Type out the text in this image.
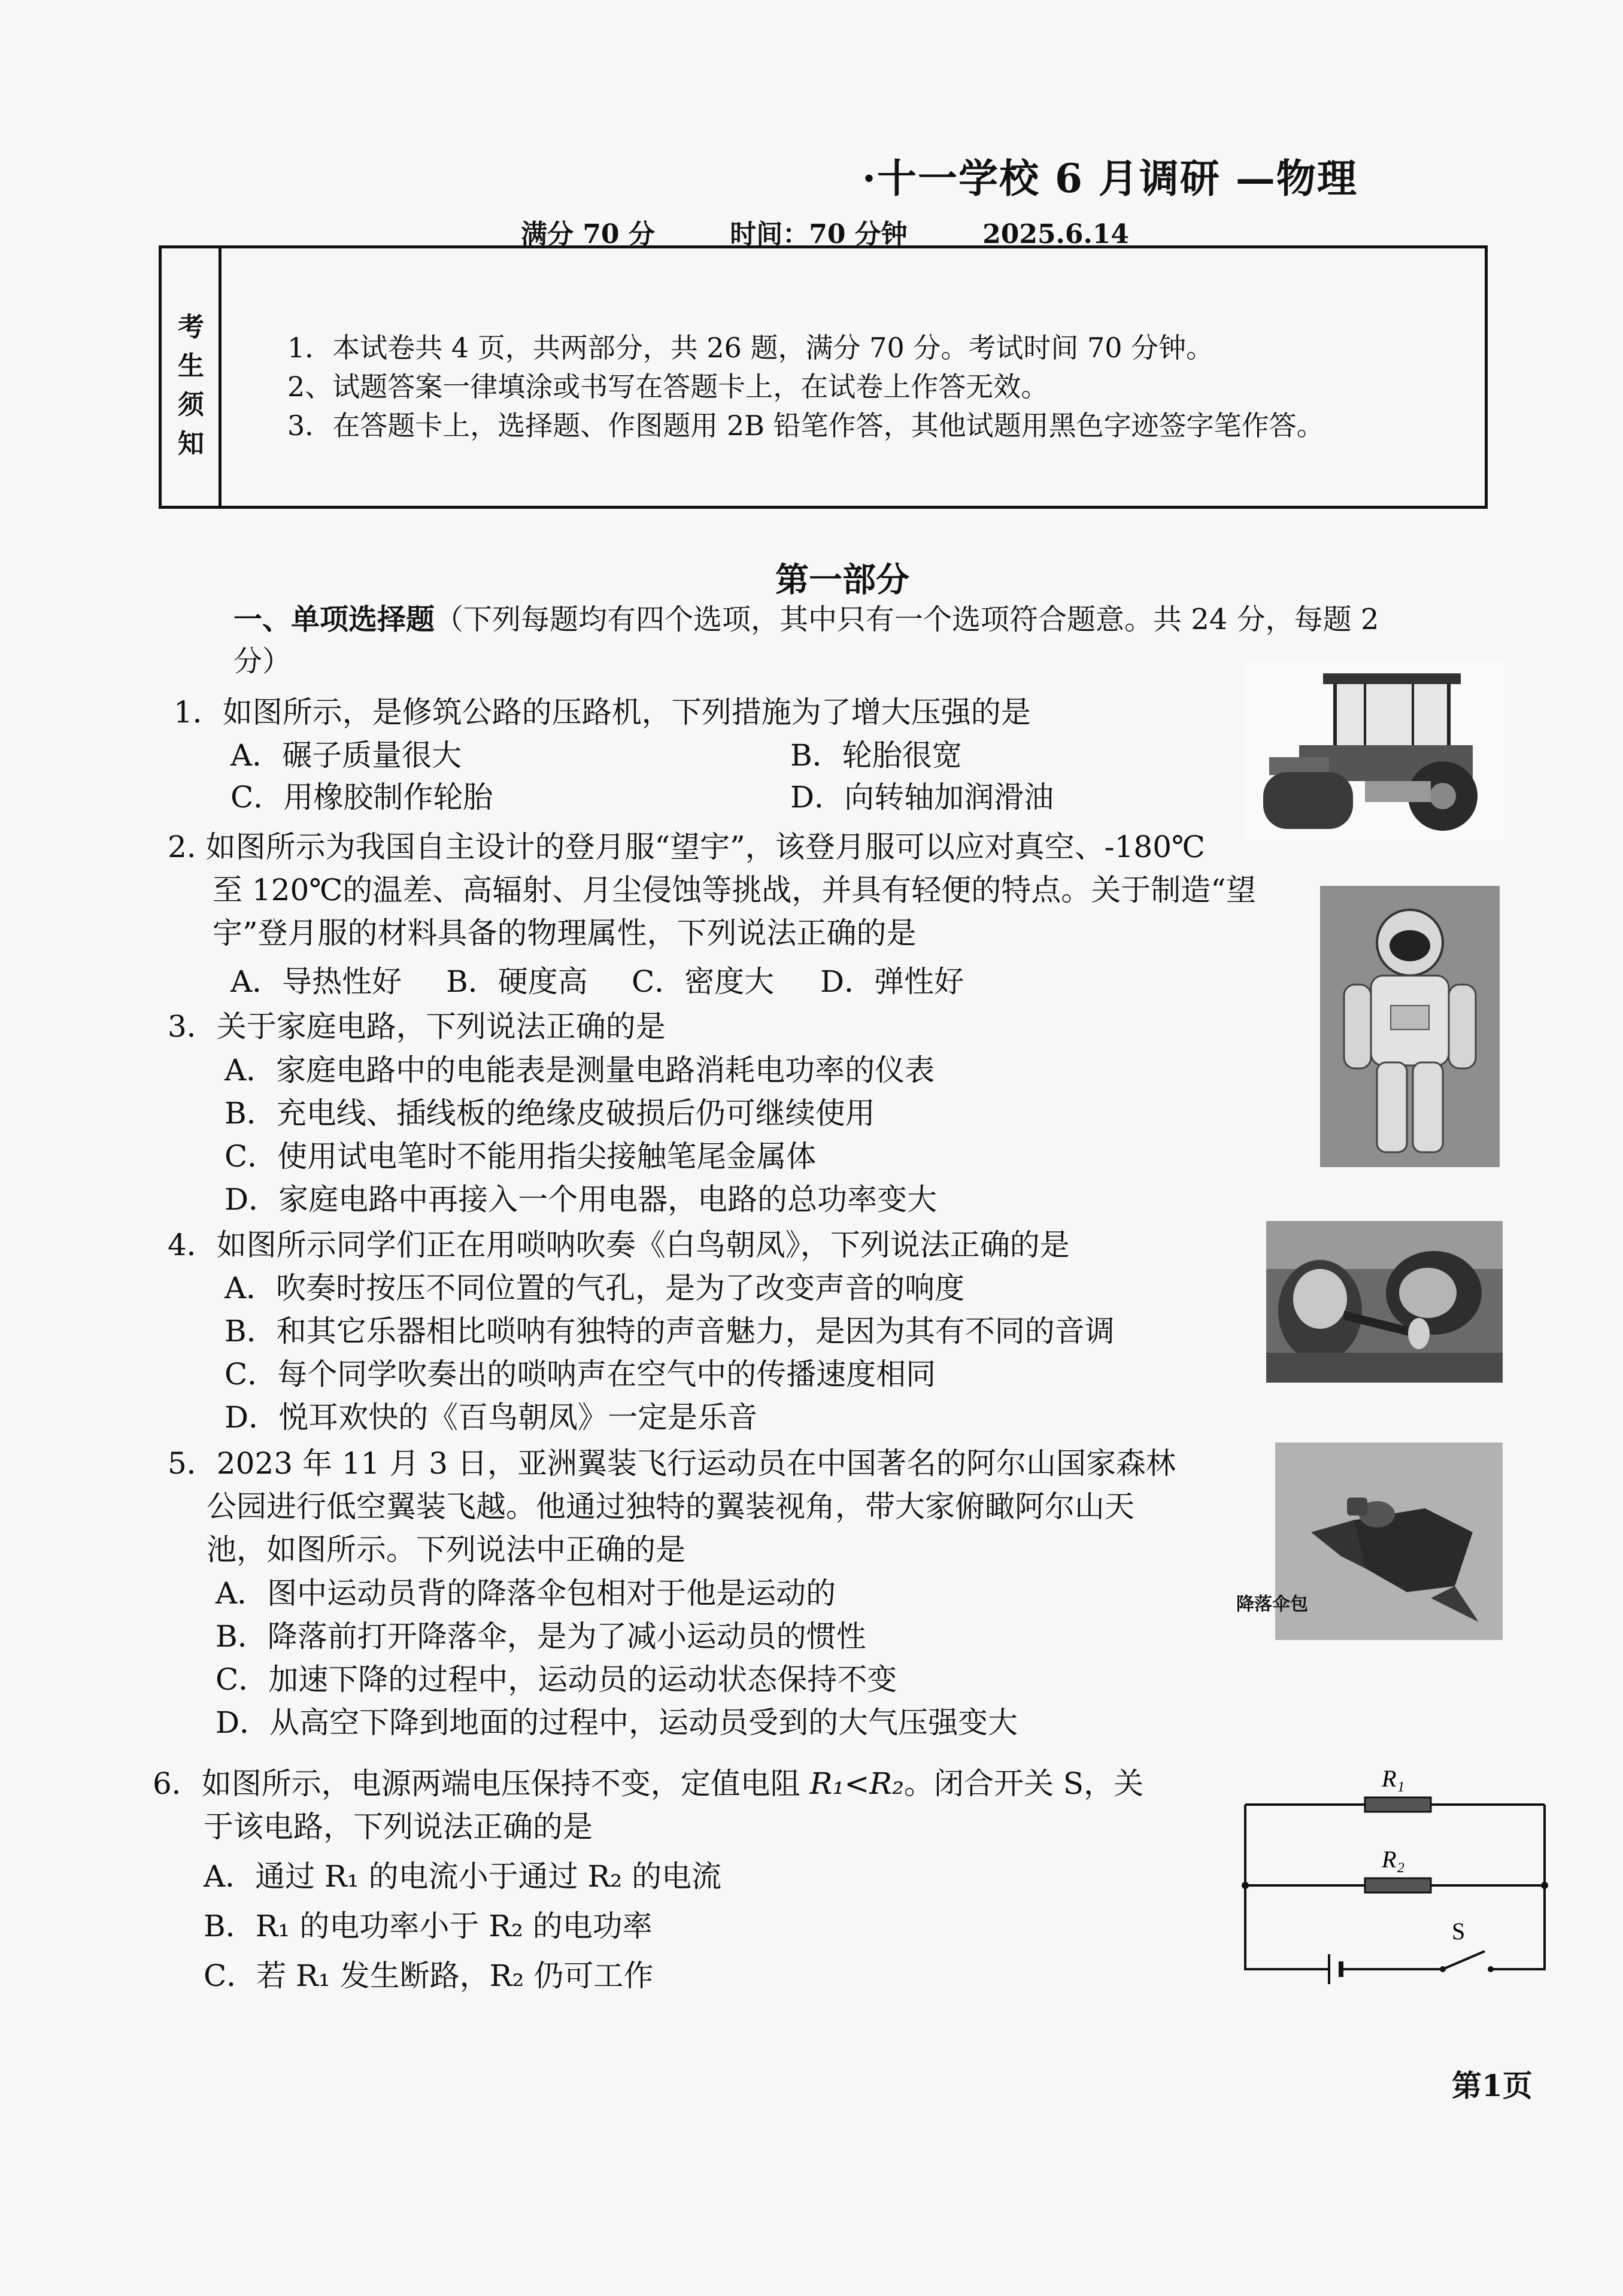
·十一学校 6 月调研 —物理
满分 70 分	时间：70 分钟	2025.6.14
考
生
须
知
1．本试卷共 4 页，共两部分，共 26 题，满分 70 分。考试时间 70 分钟。
2、试题答案一律填涂或书写在答题卡上，在试卷上作答无效。
3．在答题卡上，选择题、作图题用 2B 铅笔作答，其他试题用黑色字迹签字笔作答。
第一部分
一、单项选择题（下列每题均有四个选项，其中只有一个选项符合题意。共 24 分，每题 2
分）
1．如图所示，是修筑公路的压路机，下列措施为了增大压强的是
A．碾子质量很大	B．轮胎很宽
C．用橡胶制作轮胎	D．向转轴加润滑油
2. 如图所示为我国自主设计的登月服“望宇”，该登月服可以应对真空、-180℃
至 120℃的温差、高辐射、月尘侵蚀等挑战，并具有轻便的特点。关于制造“望
宇”登月服的材料具备的物理属性，下列说法正确的是
A．导热性好 B．硬度高 C．密度大 D．弹性好
3．关于家庭电路，下列说法正确的是
A．家庭电路中的电能表是测量电路消耗电功率的仪表
B．充电线、插线板的绝缘皮破损后仍可继续使用
C．使用试电笔时不能用指尖接触笔尾金属体
D．家庭电路中再接入一个用电器，电路的总功率变大
4．如图所示同学们正在用唢呐吹奏《白鸟朝凤》，下列说法正确的是
A．吹奏时按压不同位置的气孔，是为了改变声音的响度
B．和其它乐器相比唢呐有独特的声音魅力，是因为其有不同的音调
C．每个同学吹奏出的唢呐声在空气中的传播速度相同
D．悦耳欢快的《百鸟朝凤》一定是乐音
5．2023 年 11 月 3 日，亚洲翼装飞行运动员在中国著名的阿尔山国家森林
公园进行低空翼装飞越。他通过独特的翼装视角，带大家俯瞰阿尔山天
池，如图所示。下列说法中正确的是
A．图中运动员背的降落伞包相对于他是运动的
B．降落前打开降落伞，是为了减小运动员的惯性
C．加速下降的过程中，运动员的运动状态保持不变
D．从高空下降到地面的过程中，运动员受到的大气压强变大
降落伞包
6．如图所示，电源两端电压保持不变，定值电阻 R₁<R₂。闭合开关 S，关
于该电路，下列说法正确的是
A．通过 R₁ 的电流小于通过 R₂ 的电流
B．R₁ 的电功率小于 R₂ 的电功率
C．若 R₁ 发生断路，R₂ 仍可工作
R₁
R₂
S
第1页
